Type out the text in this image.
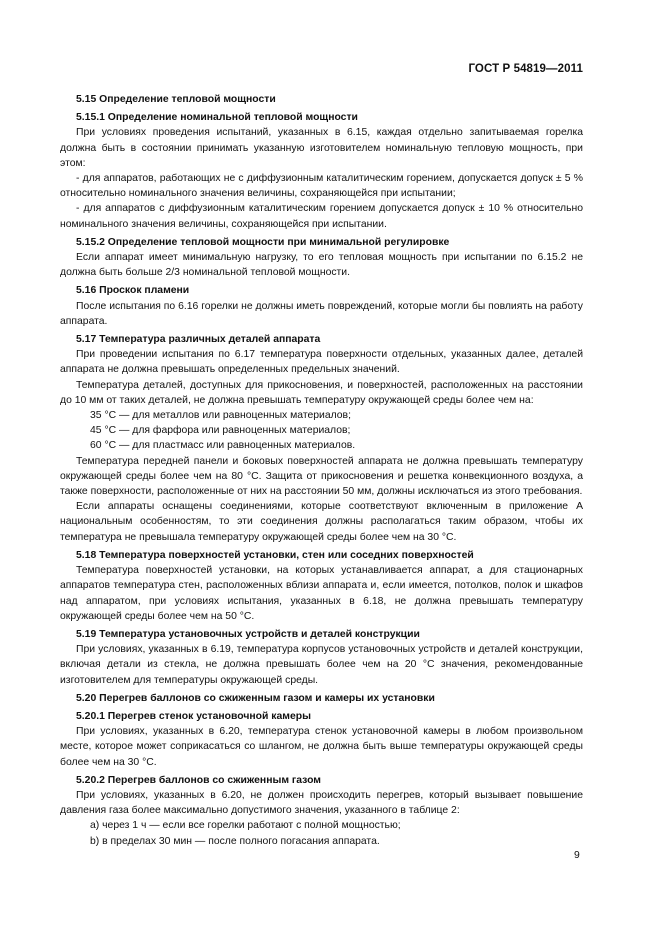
ГОСТ Р 54819—2011

5.15 Определение тепловой мощности

5.15.1 Определение номинальной тепловой мощности

При условиях проведения испытаний, указанных в 6.15, каждая отдельно запитываемая горелка должна быть в состоянии принимать указанную изготовителем номинальную тепловую мощность, при этом:

- для аппаратов, работающих не с диффузионным каталитическим горением, допускается допуск ± 5 % относительно номинального значения величины, сохраняющейся при испытании;

- для аппаратов с диффузионным каталитическим горением допускается допуск ± 10 % относительно номинального значения величины, сохраняющейся при испытании.

5.15.2 Определение тепловой мощности при минимальной регулировке

Если аппарат имеет минимальную нагрузку, то его тепловая мощность при испытании по 6.15.2 не должна быть больше 2/3 номинальной тепловой мощности.

5.16 Проскок пламени

После испытания по 6.16 горелки не должны иметь повреждений, которые могли бы повлиять на работу аппарата.

5.17 Температура различных деталей аппарата

При проведении испытания по 6.17 температура поверхности отдельных, указанных далее, деталей аппарата не должна превышать определенных предельных значений.

Температура деталей, доступных для прикосновения, и поверхностей, расположенных на расстоянии до 10 мм от таких деталей, не должна превышать температуру окружающей среды более чем на:

35 °С — для металлов или равноценных материалов;

45 °С — для фарфора или равноценных материалов;

60 °С — для пластмасс или равноценных материалов.

Температура передней панели и боковых поверхностей аппарата не должна превышать температуру окружающей среды более чем на 80 °С. Защита от прикосновения и решетка конвекционного воздуха, а также поверхности, расположенные от них на расстоянии 50 мм, должны исключаться из этого требования.

Если аппараты оснащены соединениями, которые соответствуют включенным в приложение А национальным особенностям, то эти соединения должны располагаться таким образом, чтобы их температура не превышала температуру окружающей среды более чем на 30 °С.

5.18 Температура поверхностей установки, стен или соседних поверхностей

Температура поверхностей установки, на которых устанавливается аппарат, а для стационарных аппаратов температура стен, расположенных вблизи аппарата и, если имеется, потолков, полок и шкафов над аппаратом, при условиях испытания, указанных в 6.18, не должна превышать температуру окружающей среды более чем на 50 °С.

5.19 Температура установочных устройств и деталей конструкции

При условиях, указанных в 6.19, температура корпусов установочных устройств и деталей конструкции, включая детали из стекла, не должна превышать более чем на 20 °С значения, рекомендованные изготовителем для температуры окружающей среды.

5.20 Перегрев баллонов со сжиженным газом и камеры их установки

5.20.1 Перегрев стенок установочной камеры

При условиях, указанных в 6.20, температура стенок установочной камеры в любом произвольном месте, которое может соприкасаться со шлангом, не должна быть выше температуры окружающей среды более чем на 30 °С.

5.20.2 Перегрев баллонов со сжиженным газом

При условиях, указанных в 6.20, не должен происходить перегрев, который вызывает повышение давления газа более максимально допустимого значения, указанного в таблице 2:

а) через 1 ч — если все горелки работают с полной мощностью;

b) в пределах 30 мин — после полного погасания аппарата.

9
